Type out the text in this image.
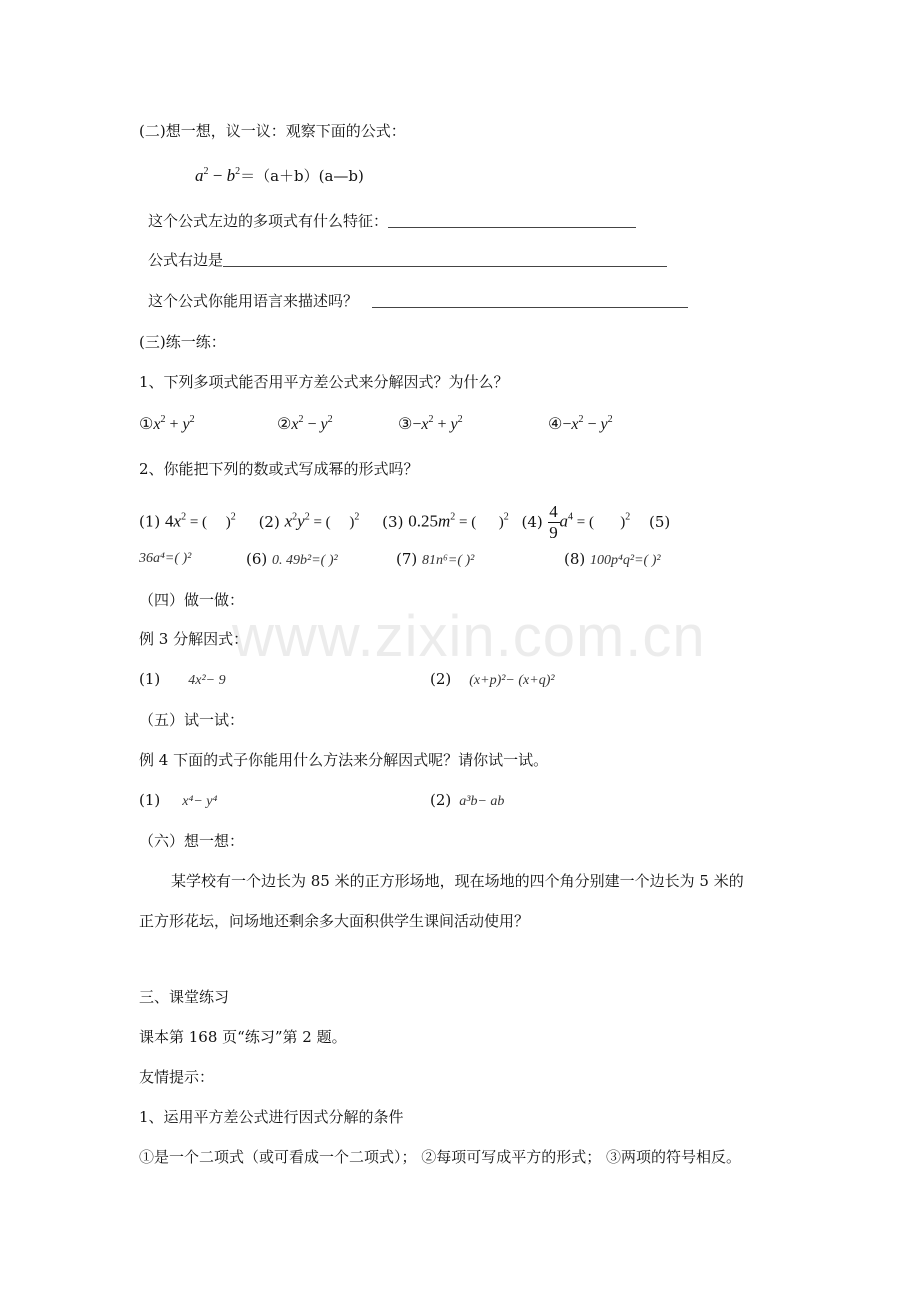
www.zixin.com.cn
(二)想一想，议一议：观察下面的公式：
$a^2$ − $b^2=(a+b)(a—b)$
这个公式左边的多项式有什么特征：
公式右边是
这个公式你能用语言来描述吗？
(三)练一练：
1、下列多项式能否用平方差公式来分解因式？为什么？
$①x^2 + y^2$	$②x^2 - y^2$	$③-x^2 + y^2$	$④-x^2 - y^2$
2、你能把下列的数或式写成幂的形式吗？
(1) $4x^2$ = (     )$^2$ (2) $x^2y^2$ = (     )$^2$ (3) $0.25m^2$ = (      )$^2$ $(4) \frac{4}{9} a^4$ = (       )$^2$ (5)
36a⁴=( )²	(6) 0. 49b²=( )²	(7) 81n⁶=( )²	(8) 100p⁴q²=( )²
（四）做一做：
例 3 分解因式：
(1) 4x²− 9	(2) (x+p)²− (x+q)²
（五）试一试：
例 4 下面的式子你能用什么方法来分解因式呢？请你试一试。
(1) x⁴− y⁴	(2) a³b− ab
（六）想一想：
某学校有一个边长为 85 米的正方形场地，现在场地的四个角分别建一个边长为 5 米的
正方形花坛，问场地还剩余多大面积供学生课间活动使用？
三、课堂练习
课本第 168 页“练习”第 2 题。
友情提示：
1、运用平方差公式进行因式分解的条件
①是一个二项式（或可看成一个二项式）； ②每项可写成平方的形式； ③两项的符号相反。
